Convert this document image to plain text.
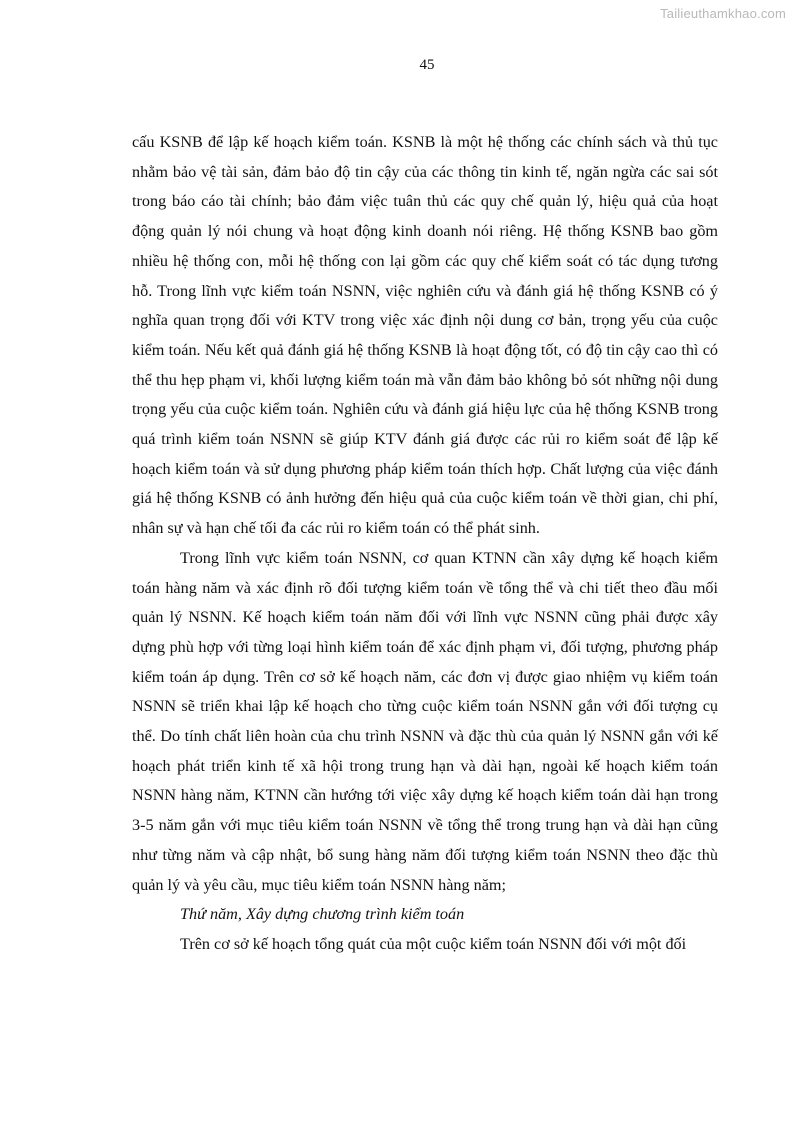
Tailieuthamkhao.com
45

cấu KSNB để lập kế hoạch kiểm toán. KSNB là một hệ thống các chính sách và thủ tục nhằm bảo vệ tài sản, đảm bảo độ tin cậy của các thông tin kinh tế, ngăn ngừa các sai sót trong báo cáo tài chính; bảo đảm việc tuân thủ các quy chế quản lý, hiệu quả của hoạt động quản lý nói chung và hoạt động kinh doanh nói riêng. Hệ thống KSNB bao gồm nhiều hệ thống con, mỗi hệ thống con lại gồm các quy chế kiểm soát có tác dụng tương hỗ. Trong lĩnh vực kiểm toán NSNN, việc nghiên cứu và đánh giá hệ thống KSNB có ý nghĩa quan trọng đối với KTV trong việc xác định nội dung cơ bản, trọng yếu của cuộc kiểm toán. Nếu kết quả đánh giá hệ thống KSNB là hoạt động tốt, có độ tin cậy cao thì có thể thu hẹp phạm vi, khối lượng kiểm toán mà vẫn đảm bảo không bỏ sót những nội dung trọng yếu của cuộc kiểm toán. Nghiên cứu và đánh giá hiệu lực của hệ thống KSNB trong quá trình kiểm toán NSNN sẽ giúp KTV đánh giá được các rủi ro kiểm soát để lập kế hoạch kiểm toán và sử dụng phương pháp kiểm toán thích hợp. Chất lượng của việc đánh giá hệ thống KSNB có ảnh hưởng đến hiệu quả của cuộc kiểm toán về thời gian, chi phí, nhân sự và hạn chế tối đa các rủi ro kiểm toán có thể phát sinh.

Trong lĩnh vực kiểm toán NSNN, cơ quan KTNN cần xây dựng kế hoạch kiểm toán hàng năm và xác định rõ đối tượng kiểm toán về tổng thể và chi tiết theo đầu mối quản lý NSNN. Kế hoạch kiểm toán năm đối với lĩnh vực NSNN cũng phải được xây dựng phù hợp với từng loại hình kiểm toán để xác định phạm vi, đối tượng, phương pháp kiểm toán áp dụng. Trên cơ sở kế hoạch năm, các đơn vị được giao nhiệm vụ kiểm toán NSNN sẽ triển khai lập kế hoạch cho từng cuộc kiểm toán NSNN gắn với đối tượng cụ thể. Do tính chất liên hoàn của chu trình NSNN và đặc thù của quản lý NSNN gắn với kế hoạch phát triển kinh tế xã hội trong trung hạn và dài hạn, ngoài kế hoạch kiểm toán NSNN hàng năm, KTNN cần hướng tới việc xây dựng kế hoạch kiểm toán dài hạn trong 3-5 năm gắn với mục tiêu kiểm toán NSNN về tổng thể trong trung hạn và dài hạn cũng như từng năm và cập nhật, bổ sung hàng năm đối tượng kiểm toán NSNN theo đặc thù quản lý và yêu cầu, mục tiêu kiểm toán NSNN hàng năm;

Thứ năm, Xây dựng chương trình kiểm toán

Trên cơ sở kế hoạch tổng quát của một cuộc kiểm toán NSNN đối với một đối
